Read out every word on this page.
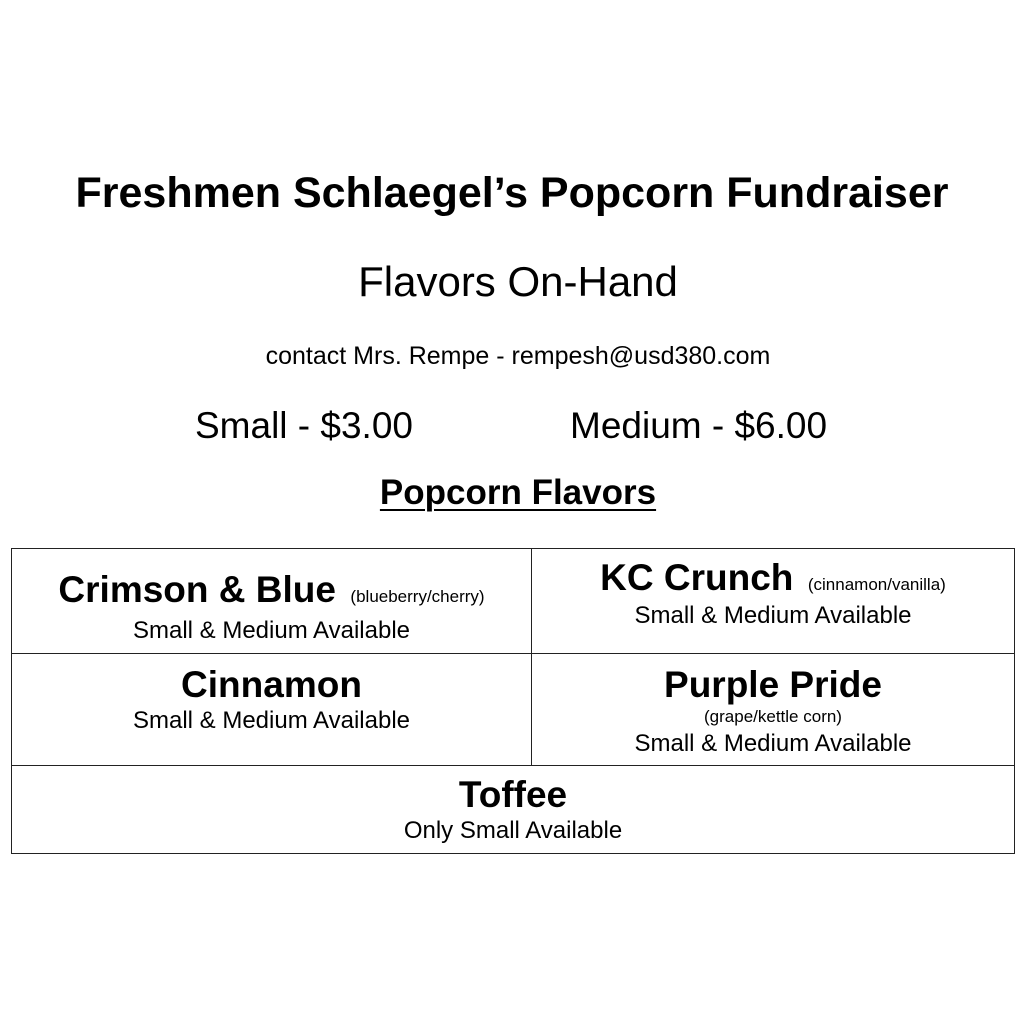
Freshmen Schlaegel’s Popcorn Fundraiser
Flavors On-Hand
contact Mrs. Rempe - rempesh@usd380.com
Small - $3.00	Medium - $6.00
Popcorn Flavors
Crimson & Blue (blueberry/cherry)
Small & Medium Available
KC Crunch (cinnamon/vanilla)
Small & Medium Available
Cinnamon
Small & Medium Available
Purple Pride
(grape/kettle corn)
Small & Medium Available
Toffee
Only Small Available
